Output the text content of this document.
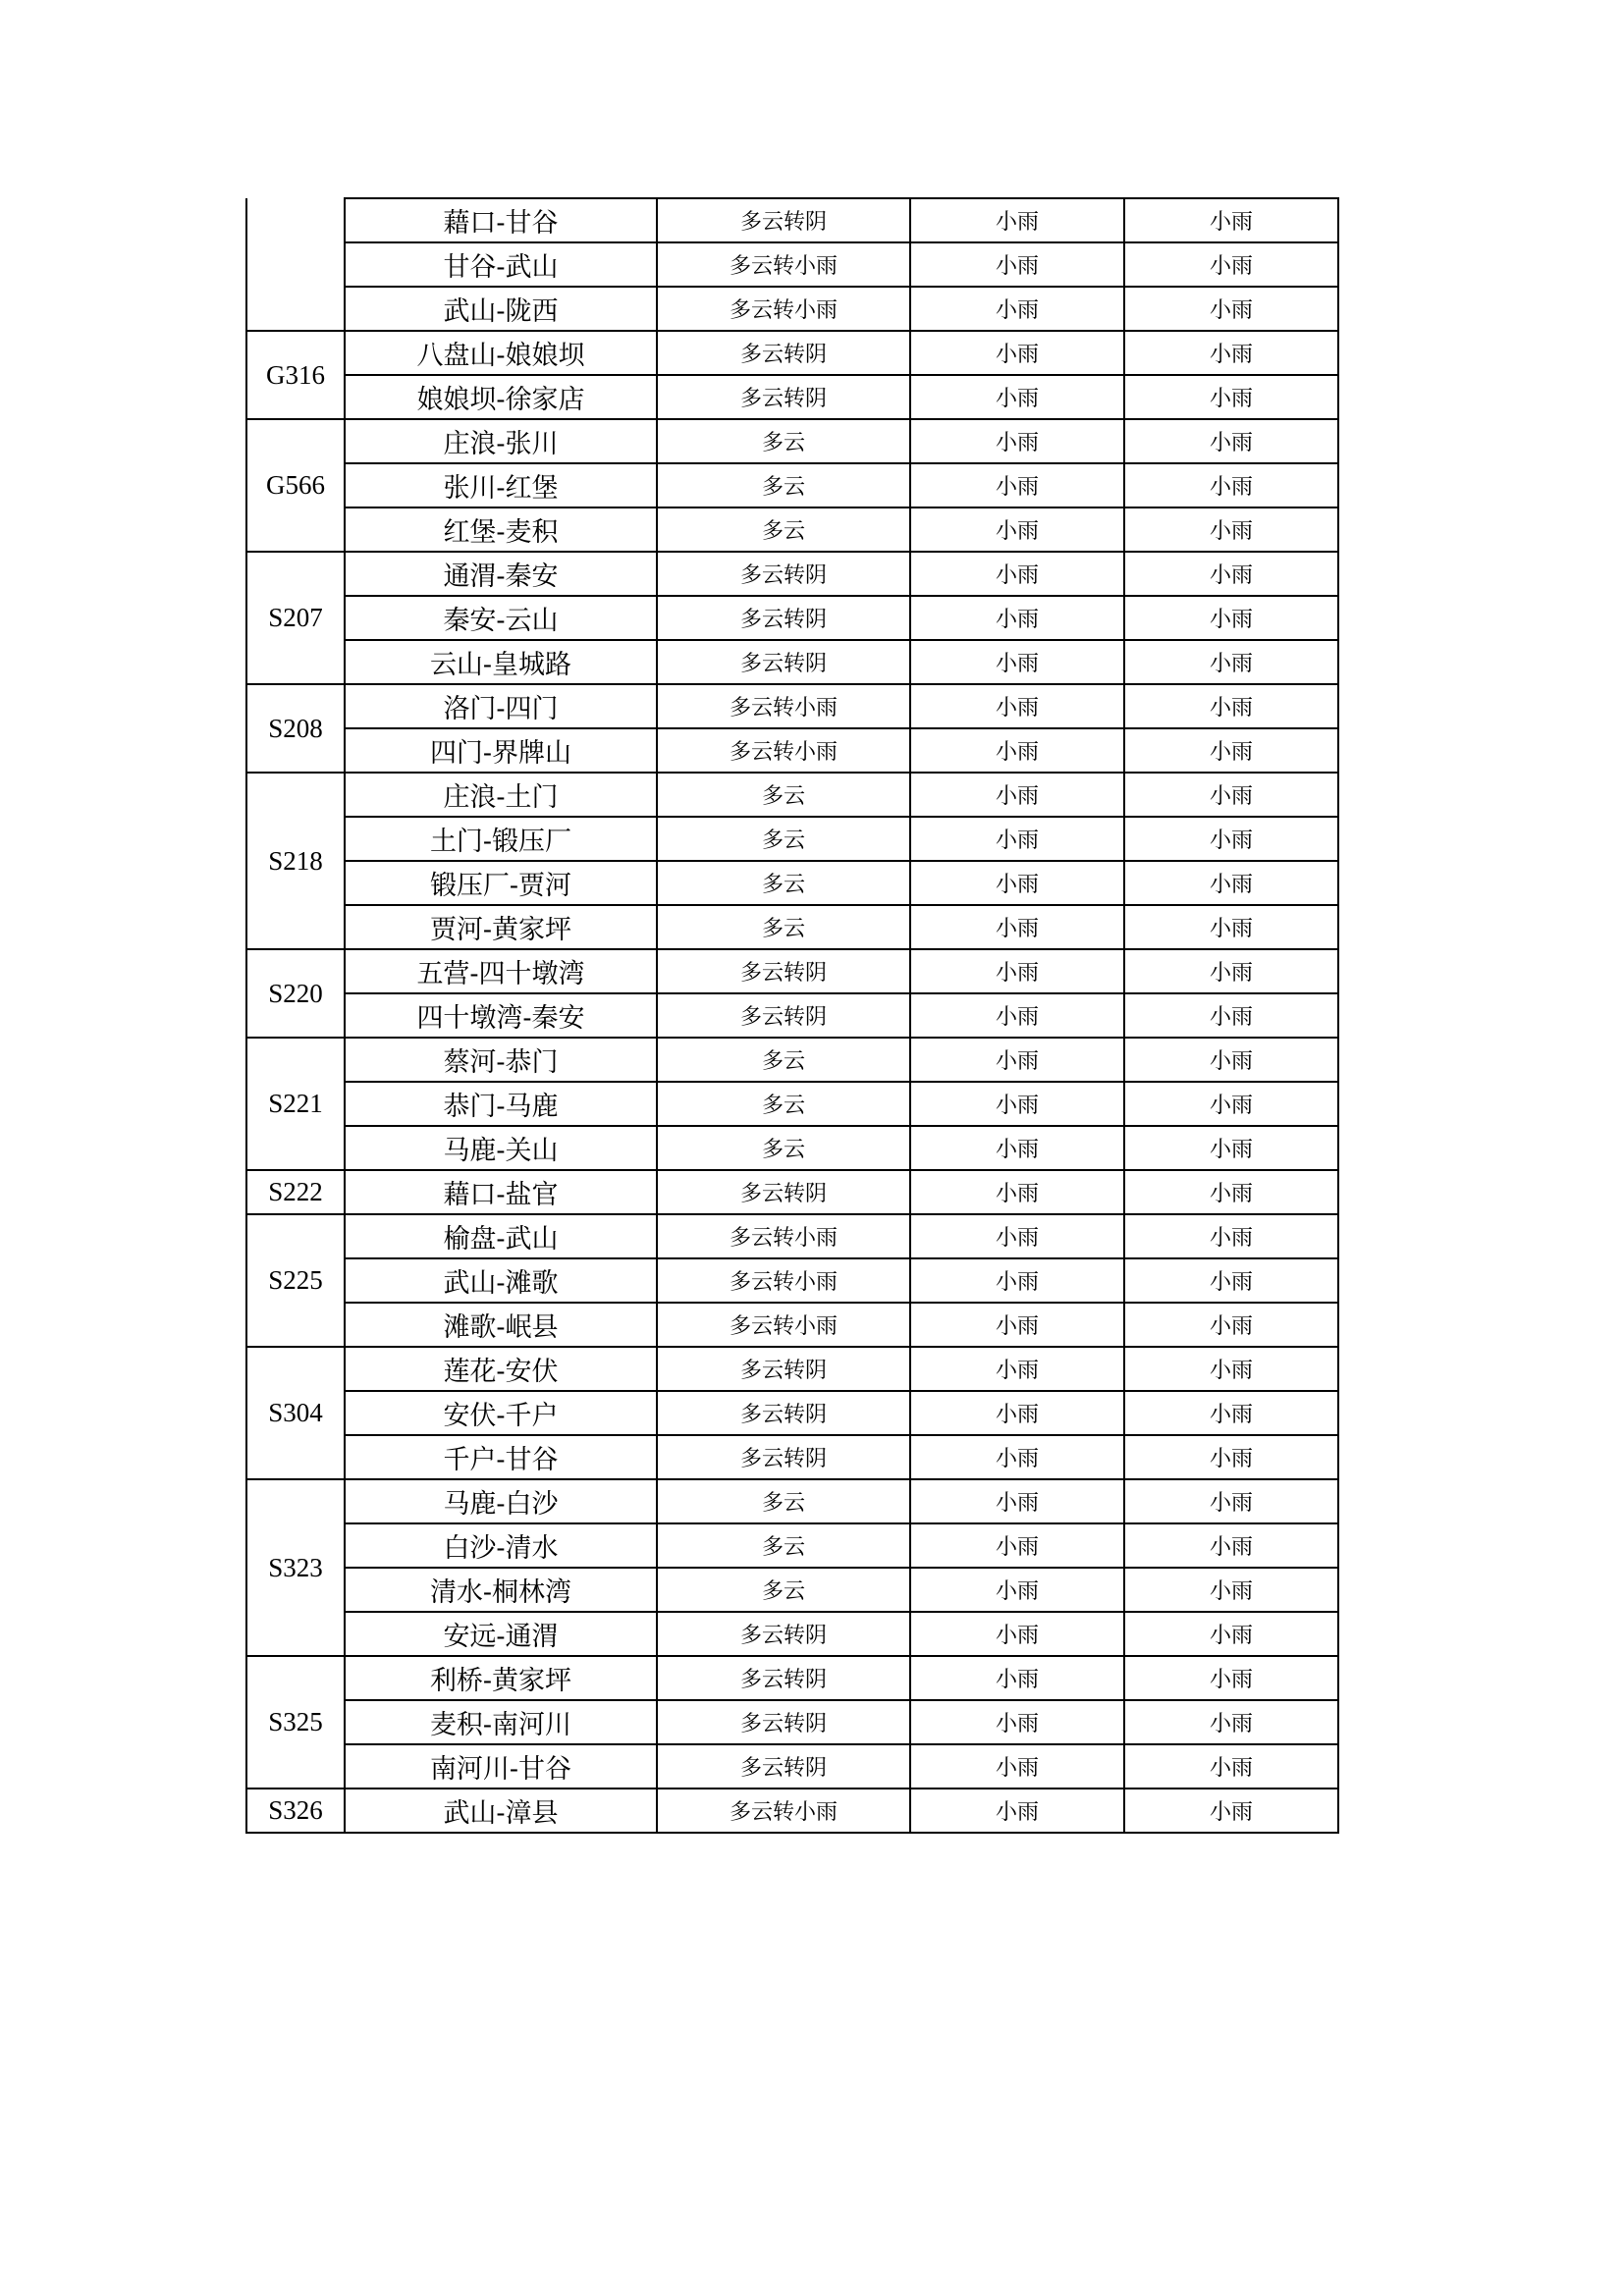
	藉口-甘谷	多云转阴	小雨	小雨
	甘谷-武山	多云转小雨	小雨	小雨
	武山-陇西	多云转小雨	小雨	小雨
G316	八盘山-娘娘坝	多云转阴	小雨	小雨
	娘娘坝-徐家店	多云转阴	小雨	小雨
G566	庄浪-张川	多云	小雨	小雨
	张川-红堡	多云	小雨	小雨
	红堡-麦积	多云	小雨	小雨
S207	通渭-秦安	多云转阴	小雨	小雨
	秦安-云山	多云转阴	小雨	小雨
	云山-皇城路	多云转阴	小雨	小雨
S208	洛门-四门	多云转小雨	小雨	小雨
	四门-界牌山	多云转小雨	小雨	小雨
S218	庄浪-土门	多云	小雨	小雨
	土门-锻压厂	多云	小雨	小雨
	锻压厂-贾河	多云	小雨	小雨
	贾河-黄家坪	多云	小雨	小雨
S220	五营-四十墩湾	多云转阴	小雨	小雨
	四十墩湾-秦安	多云转阴	小雨	小雨
S221	蔡河-恭门	多云	小雨	小雨
	恭门-马鹿	多云	小雨	小雨
	马鹿-关山	多云	小雨	小雨
S222	藉口-盐官	多云转阴	小雨	小雨
S225	榆盘-武山	多云转小雨	小雨	小雨
	武山-滩歌	多云转小雨	小雨	小雨
	滩歌-岷县	多云转小雨	小雨	小雨
S304	莲花-安伏	多云转阴	小雨	小雨
	安伏-千户	多云转阴	小雨	小雨
	千户-甘谷	多云转阴	小雨	小雨
S323	马鹿-白沙	多云	小雨	小雨
	白沙-清水	多云	小雨	小雨
	清水-桐林湾	多云	小雨	小雨
	安远-通渭	多云转阴	小雨	小雨
S325	利桥-黄家坪	多云转阴	小雨	小雨
	麦积-南河川	多云转阴	小雨	小雨
	南河川-甘谷	多云转阴	小雨	小雨
S326	武山-漳县	多云转小雨	小雨	小雨
